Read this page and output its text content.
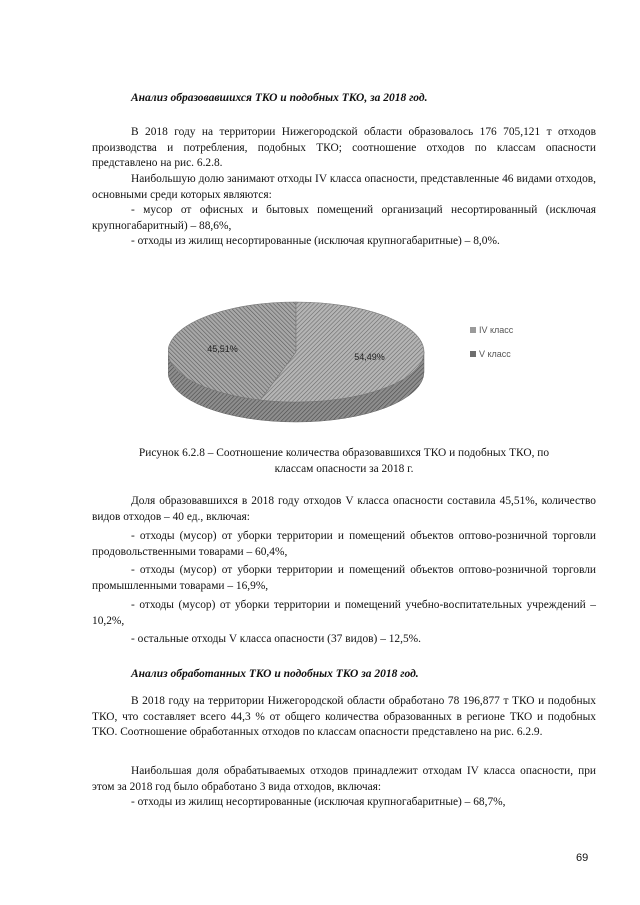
Анализ образовавшихся ТКО и подобных ТКО, за 2018 год.

В 2018 году на территории Нижегородской области образовалось 176 705,121 т отходов производства и потребления, подобных ТКО; соотношение отходов по классам опасности представлено на рис. 6.2.8.

Наибольшую долю занимают отходы IV класса опасности, представленные 46 видами отходов, основными среди которых являются:

- мусор от офисных и бытовых помещений организаций несортированный (исключая крупногабаритный) – 88,6%,

- отходы из жилищ несортированные (исключая крупногабаритные) – 8,0%.

45,51%
54,49%
IV класс
V класс

Рисунок 6.2.8 – Соотношение количества образовавшихся ТКО и подобных ТКО, по
классам опасности за 2018 г.

Доля образовавшихся в 2018 году отходов V класса опасности составила 45,51%, количество видов отходов – 40 ед., включая:

- отходы (мусор) от уборки территории и помещений объектов оптово-розничной торговли продовольственными товарами – 60,4%,

- отходы (мусор) от уборки территории и помещений объектов оптово-розничной торговли промышленными товарами – 16,9%,

- отходы (мусор) от уборки территории и помещений учебно-воспитательных учреждений – 10,2%,

- остальные отходы V класса опасности (37 видов) – 12,5%.

Анализ обработанных ТКО и подобных ТКО за 2018 год.

В 2018 году на территории Нижегородской области обработано 78 196,877 т ТКО и подобных ТКО, что составляет всего 44,3 % от общего количества образованных в регионе ТКО и подобных ТКО. Соотношение обработанных отходов по классам опасности представлено на рис. 6.2.9.

Наибольшая доля обрабатываемых отходов принадлежит отходам IV класса опасности, при этом за 2018 год было обработано 3 вида отходов, включая:

- отходы из жилищ несортированные (исключая крупногабаритные) – 68,7%,

69
